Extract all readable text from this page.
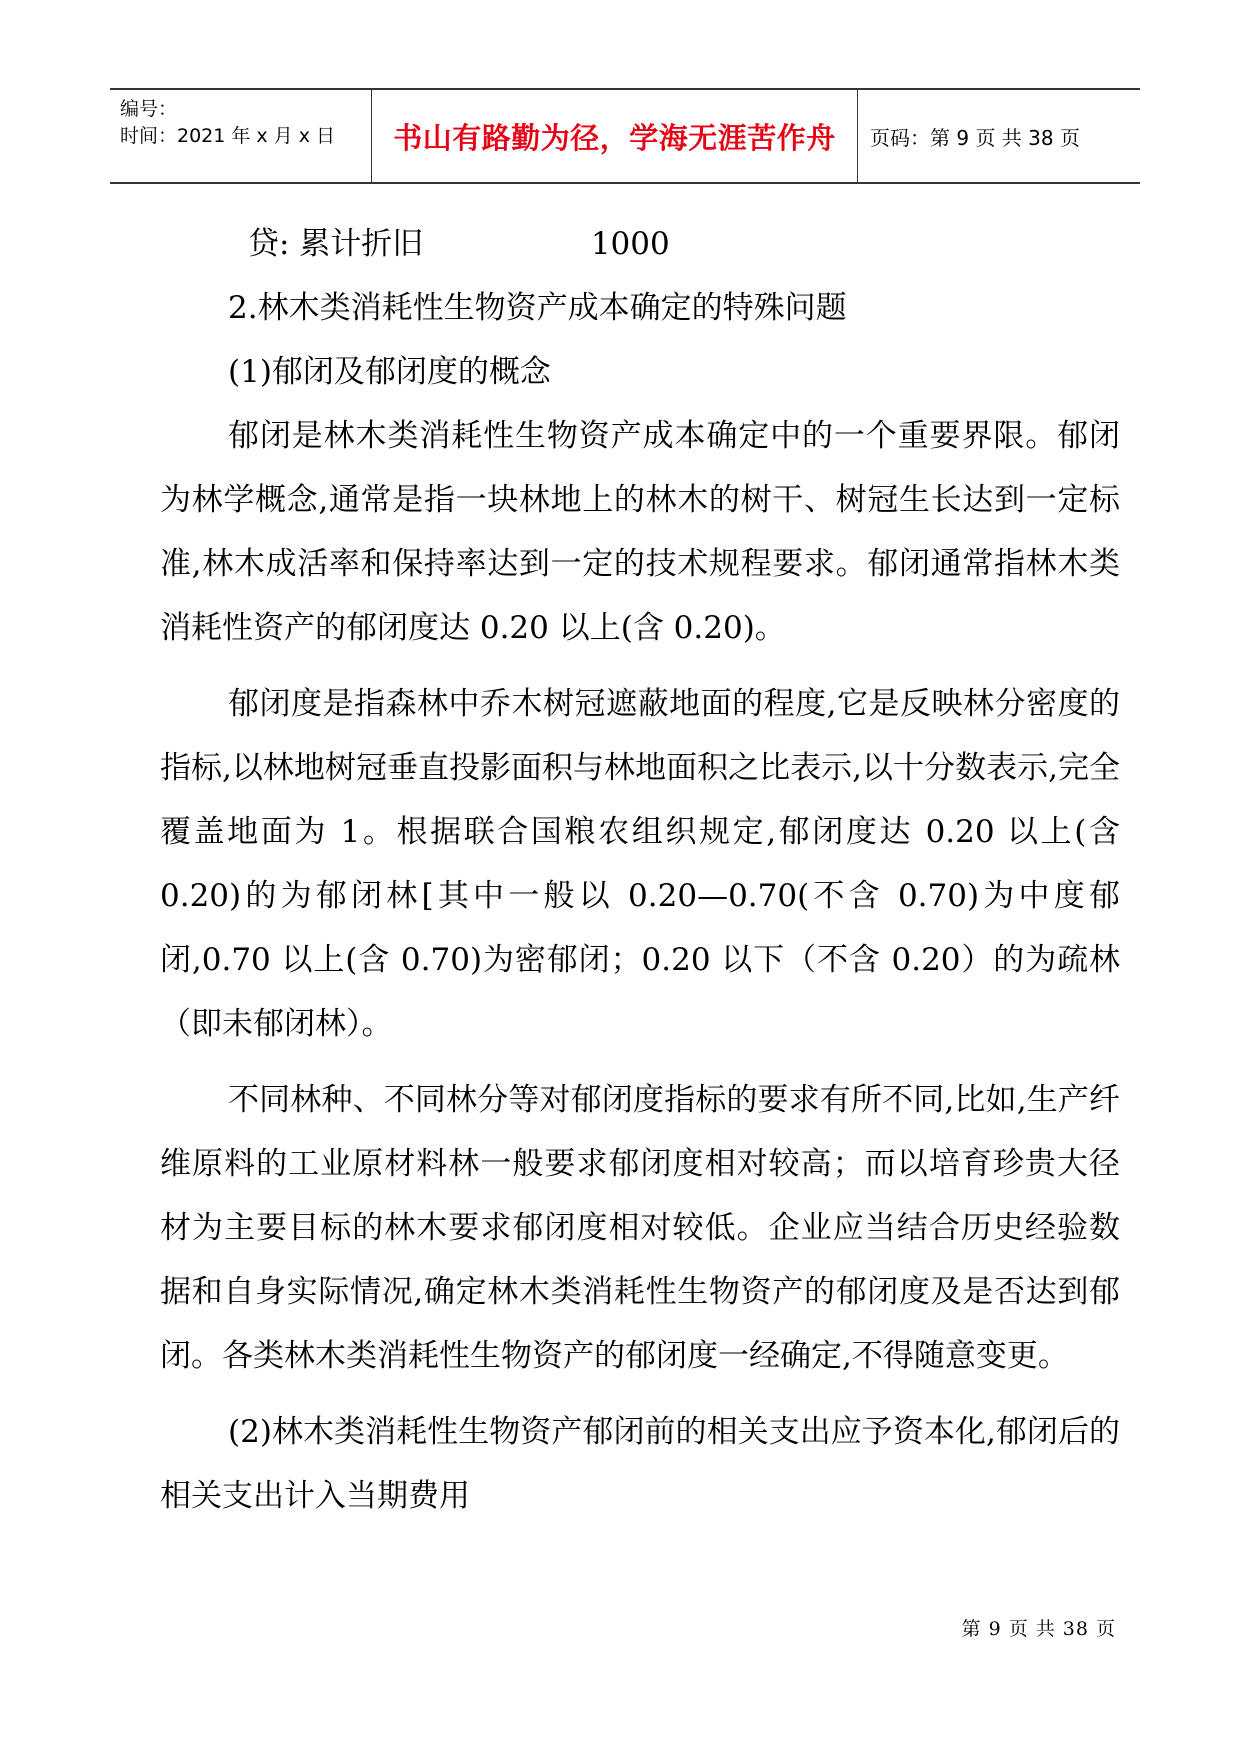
编号：
时间：2021 年 x 月 x 日	书山有路勤为径，学海无涯苦作舟	页码：第 9 页 共 38 页

贷: 累计折旧                 1000

2.林木类消耗性生物资产成本确定的特殊问题

(1)郁闭及郁闭度的概念

郁闭是林木类消耗性生物资产成本确定中的一个重要界限。郁闭为林学概念,通常是指一块林地上的林木的树干、树冠生长达到一定标准,林木成活率和保持率达到一定的技术规程要求。郁闭通常指林木类消耗性资产的郁闭度达 0.20 以上(含 0.20)。

郁闭度是指森林中乔木树冠遮蔽地面的程度,它是反映林分密度的指标,以林地树冠垂直投影面积与林地面积之比表示,以十分数表示,完全覆盖地面为 1。根据联合国粮农组织规定,郁闭度达 0.20 以上(含 0.20)的为郁闭林[其中一般以 0.20—0.70(不含 0.70)为中度郁闭,0.70 以上(含 0.70)为密郁闭；0.20 以下（不含 0.20）的为疏林（即未郁闭林）。

不同林种、不同林分等对郁闭度指标的要求有所不同,比如,生产纤维原料的工业原材料林一般要求郁闭度相对较高；而以培育珍贵大径材为主要目标的林木要求郁闭度相对较低。企业应当结合历史经验数据和自身实际情况,确定林木类消耗性生物资产的郁闭度及是否达到郁闭。各类林木类消耗性生物资产的郁闭度一经确定,不得随意变更。

(2)林木类消耗性生物资产郁闭前的相关支出应予资本化,郁闭后的相关支出计入当期费用

第 9 页 共 38 页
